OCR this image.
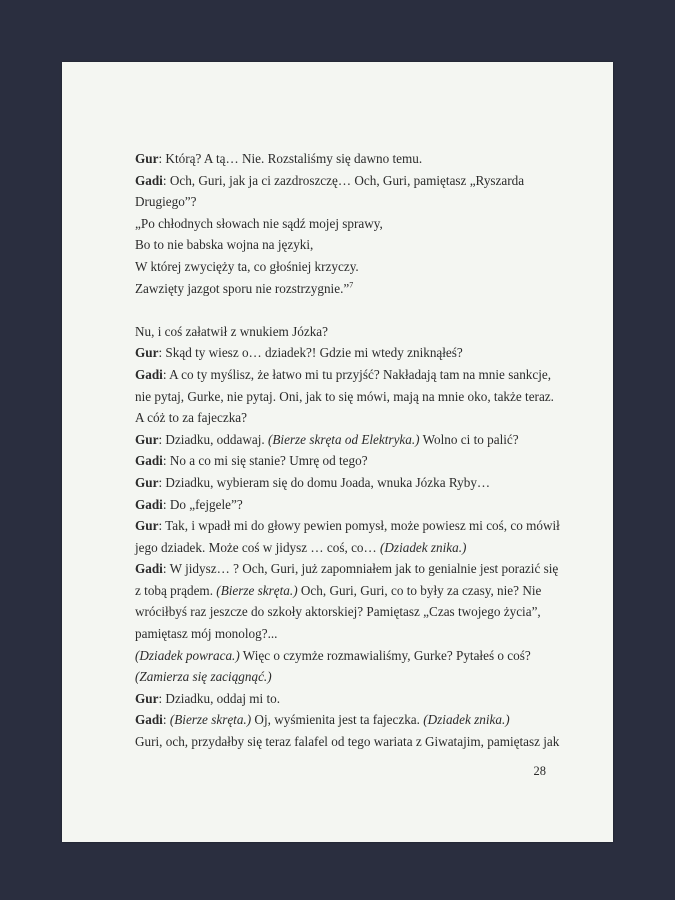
Gur: Którą? A tą… Nie. Rozstaliśmy się dawno temu.
Gadi: Och, Guri, jak ja ci zazdroszczę… Och, Guri, pamiętasz „Ryszarda
Drugiego”?
„Po chłodnych słowach nie sądź mojej sprawy,
Bo to nie babska wojna na języki,
W której zwycięży ta, co głośniej krzyczy.
Zawzięty jazgot sporu nie rozstrzygnie.”$^7$
Nu, i coś załatwił z wnukiem Józka?
Gur: Skąd ty wiesz o… dziadek?! Gdzie mi wtedy zniknąłeś?
Gadi: A co ty myślisz, że łatwo mi tu przyjść? Nakładają tam na mnie sankcje,
nie pytaj, Gurke, nie pytaj. Oni, jak to się mówi, mają na mnie oko, także teraz.
A cóż to za fajeczka?
Gur: Dziadku, oddawaj. (Bierze skręta od Elektryka.) Wolno ci to palić?
Gadi: No a co mi się stanie? Umrę od tego?
Gur: Dziadku, wybieram się do domu Joada, wnuka Józka Ryby…
Gadi: Do „fejgele”?
Gur: Tak, i wpadł mi do głowy pewien pomysł, może powiesz mi coś, co mówił
jego dziadek. Może coś w jidysz … coś, co… (Dziadek znika.)
Gadi: W jidysz… ? Och, Guri, już zapomniałem jak to genialnie jest porazić się
z tobą prądem. (Bierze skręta.) Och, Guri, Guri, co to były za czasy, nie? Nie
wróciłbyś raz jeszcze do szkoły aktorskiej? Pamiętasz „Czas twojego życia”,
pamiętasz mój monolog?...
(Dziadek powraca.) Więc o czymże rozmawialiśmy, Gurke? Pytałeś o coś?
(Zamierza się zaciągnąć.)
Gur: Dziadku, oddaj mi to.
Gadi: (Bierze skręta.) Oj, wyśmienita jest ta fajeczka. (Dziadek znika.)
Guri, och, przydałby się teraz falafel od tego wariata z Giwatajim, pamiętasz jak
28
